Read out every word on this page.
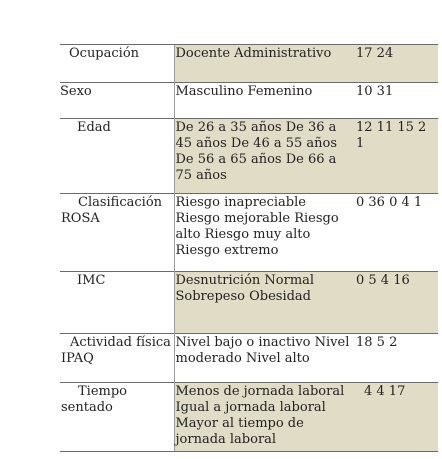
Ocupación	Docente Administrativo	17 24

Sexo	Masculino Femenino	10 31

Edad	De 26 a 35 años De 36 a 45 años De 46 a 55 años De 56 a 65 años De 66 a 75 años	12 11 15 2 1

Clasificación ROSA	Riesgo inapreciable Riesgo mejorable Riesgo alto Riesgo muy alto Riesgo extremo	0 36 0 4 1

IMC	Desnutrición Normal Sobrepeso Obesidad	0 5 4 16

Actividad física IPAQ	Nivel bajo o inactivo Nivel moderado Nivel alto	18 5 2

Tiempo sentado	Menos de jornada laboral Igual a jornada laboral Mayor al tiempo de jornada laboral	4 4 17
